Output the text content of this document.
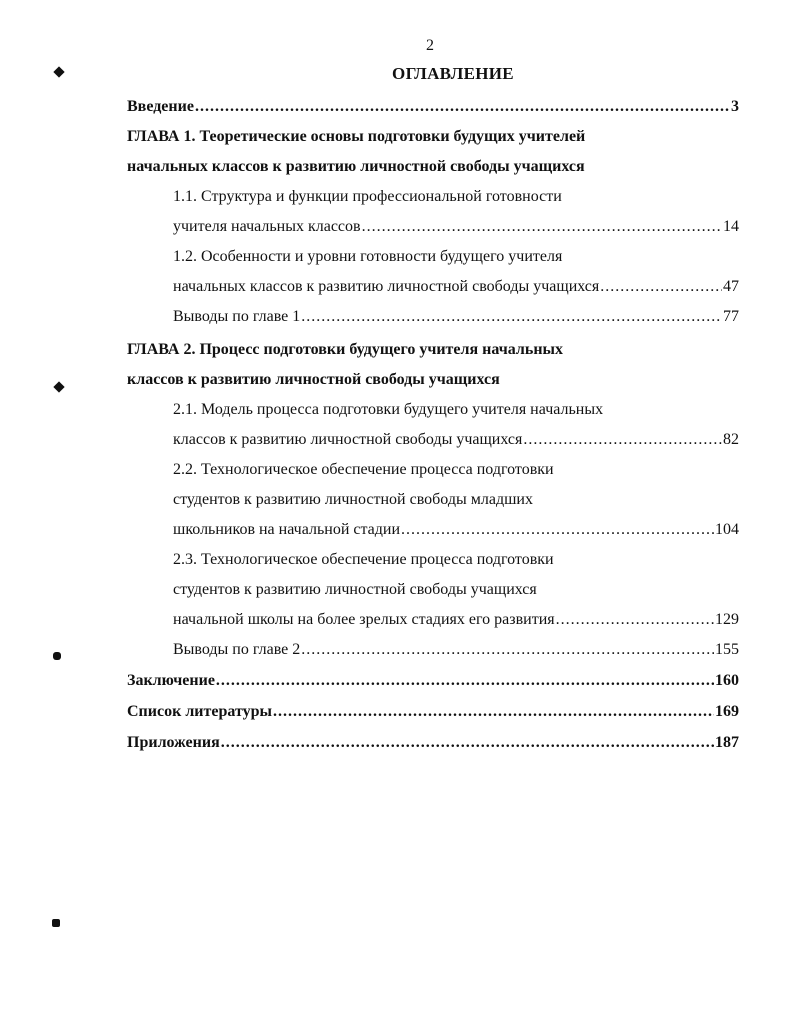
2
ОГЛАВЛЕНИЕ
Введение .....	3
ГЛАВА 1. Теоретические основы подготовки будущих учителей
начальных классов к развитию личностной свободы учащихся
1.1. Структура и функции профессиональной готовности
учителя начальных классов .....	14
1.2. Особенности и уровни готовности будущего учителя
начальных классов к развитию личностной свободы учащихся .....	47
Выводы по главе 1 .....	77
ГЛАВА 2. Процесс подготовки будущего учителя начальных
классов к развитию личностной свободы учащихся
2.1. Модель процесса подготовки будущего учителя начальных
классов к развитию личностной свободы учащихся .....	82
2.2. Технологическое обеспечение процесса подготовки
студентов к развитию личностной свободы младших
школьников на начальной стадии .....	104
2.3. Технологическое обеспечение процесса подготовки
студентов к развитию личностной свободы учащихся
начальной школы на более зрелых стадиях его развития .....	129
Выводы по главе 2 .....	155
Заключение .....	160
Список литературы .....	169
Приложения .....	187
